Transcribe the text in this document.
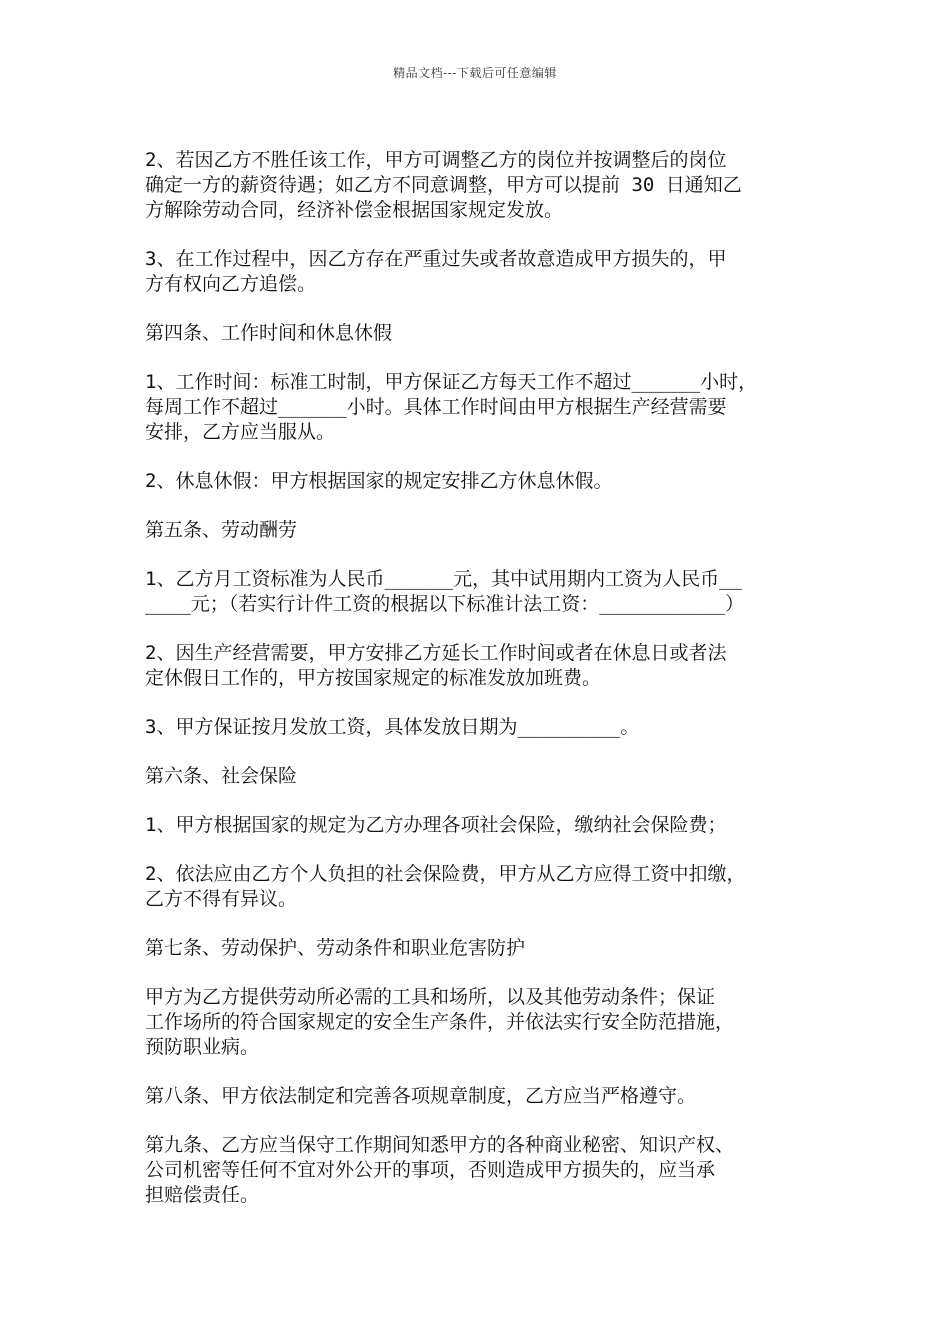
精品文档---下载后可任意编辑

2、若因乙方不胜任该工作，甲方可调整乙方的岗位并按调整后的岗位
确定一方的薪资待遇；如乙方不同意调整，甲方可以提前 30 日通知乙
方解除劳动合同，经济补偿金根据国家规定发放。

3、在工作过程中，因乙方存在严重过失或者故意造成甲方损失的，甲
方有权向乙方追偿。

第四条、工作时间和休息休假

1、工作时间：标准工时制，甲方保证乙方每天工作不超过______小时，
每周工作不超过______小时。具体工作时间由甲方根据生产经营需要
安排，乙方应当服从。

2、休息休假：甲方根据国家的规定安排乙方休息休假。

第五条、劳动酬劳

1、乙方月工资标准为人民币______元，其中试用期内工资为人民币__
____元；（若实行计件工资的根据以下标准计法工资：___________）

2、因生产经营需要，甲方安排乙方延长工作时间或者在休息日或者法
定休假日工作的，甲方按国家规定的标准发放加班费。

3、甲方保证按月发放工资，具体发放日期为_________。

第六条、社会保险

1、甲方根据国家的规定为乙方办理各项社会保险，缴纳社会保险费；

2、依法应由乙方个人负担的社会保险费，甲方从乙方应得工资中扣缴，
乙方不得有异议。

第七条、劳动保护、劳动条件和职业危害防护

甲方为乙方提供劳动所必需的工具和场所，以及其他劳动条件；保证
工作场所的符合国家规定的安全生产条件，并依法实行安全防范措施，
预防职业病。

第八条、甲方依法制定和完善各项规章制度，乙方应当严格遵守。

第九条、乙方应当保守工作期间知悉甲方的各种商业秘密、知识产权、
公司机密等任何不宜对外公开的事项，否则造成甲方损失的，应当承
担赔偿责任。
